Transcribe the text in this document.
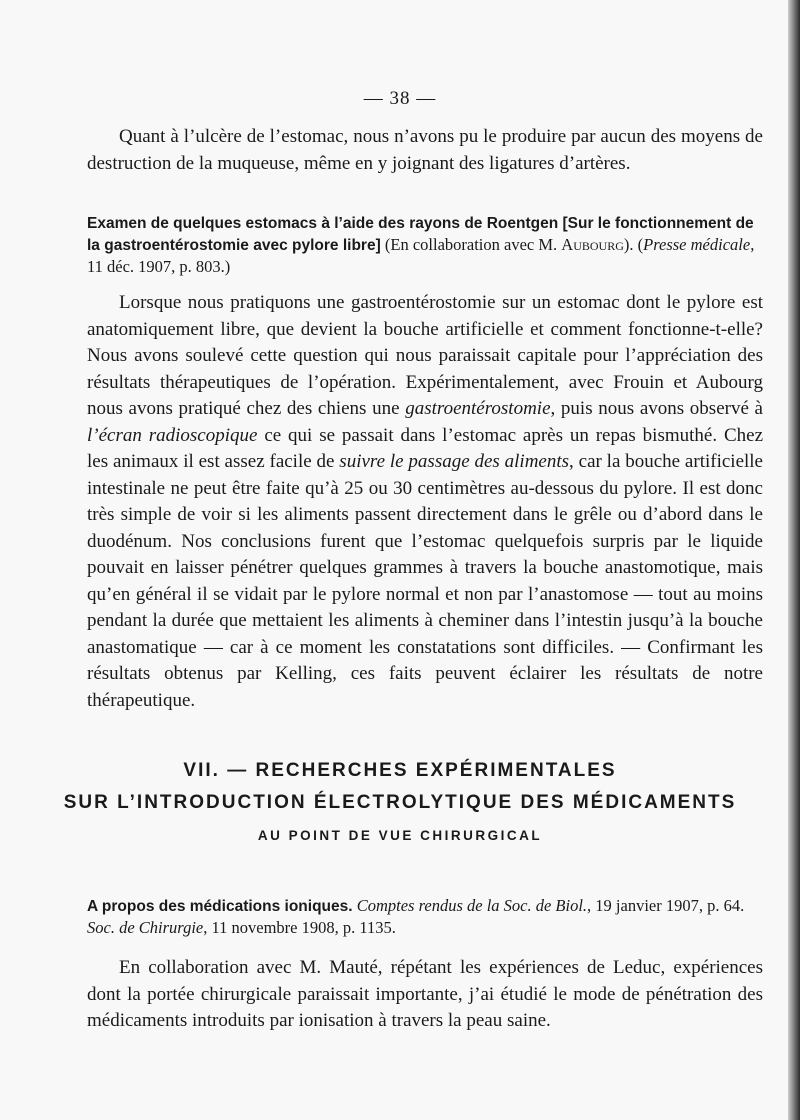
— 38 —

Quant à l’ulcère de l’estomac, nous n’avons pu le produire par aucun des moyens de destruction de la muqueuse, même en y joignant des ligatures d’artères.

Examen de quelques estomacs à l’aide des rayons de Roentgen [Sur le fonctionnement de la gastroentérostomie avec pylore libre] (En collaboration avec M. Aubourg). (Presse médicale, 11 déc. 1907, p. 803.)

Lorsque nous pratiquons une gastroentérostomie sur un estomac dont le pylore est anatomiquement libre, que devient la bouche artificielle et comment fonctionne-t-elle? Nous avons soulevé cette question qui nous paraissait capitale pour l’appréciation des résultats thérapeutiques de l’opération. Expérimentalement, avec Frouin et Aubourg nous avons pratiqué chez des chiens une gastroentérostomie, puis nous avons observé à l’écran radioscopique ce qui se passait dans l’estomac après un repas bismuthé. Chez les animaux il est assez facile de suivre le passage des aliments, car la bouche artificielle intestinale ne peut être faite qu’à 25 ou 30 centimètres au-dessous du pylore. Il est donc très simple de voir si les aliments passent directement dans le grêle ou d’abord dans le duodénum. Nos conclusions furent que l’estomac quelquefois surpris par le liquide pouvait en laisser pénétrer quelques grammes à travers la bouche anastomotique, mais qu’en général il se vidait par le pylore normal et non par l’anastomose — tout au moins pendant la durée que mettaient les aliments à cheminer dans l’intestin jusqu’à la bouche anastomatique — car à ce moment les constatations sont difficiles. — Confirmant les résultats obtenus par Kelling, ces faits peuvent éclairer les résultats de notre thérapeutique.

VII. — RECHERCHES EXPÉRIMENTALES
SUR L’INTRODUCTION ÉLECTROLYTIQUE DES MÉDICAMENTS
AU POINT DE VUE CHIRURGICAL
A propos des médications ioniques. Comptes rendus de la Soc. de Biol., 19 janvier 1907, p. 64. Soc. de Chirurgie, 11 novembre 1908, p. 1135.

En collaboration avec M. Mauté, répétant les expériences de Leduc, expériences dont la portée chirurgicale paraissait importante, j’ai étudié le mode de pénétration des médicaments introduits par ionisation à travers la peau saine.
